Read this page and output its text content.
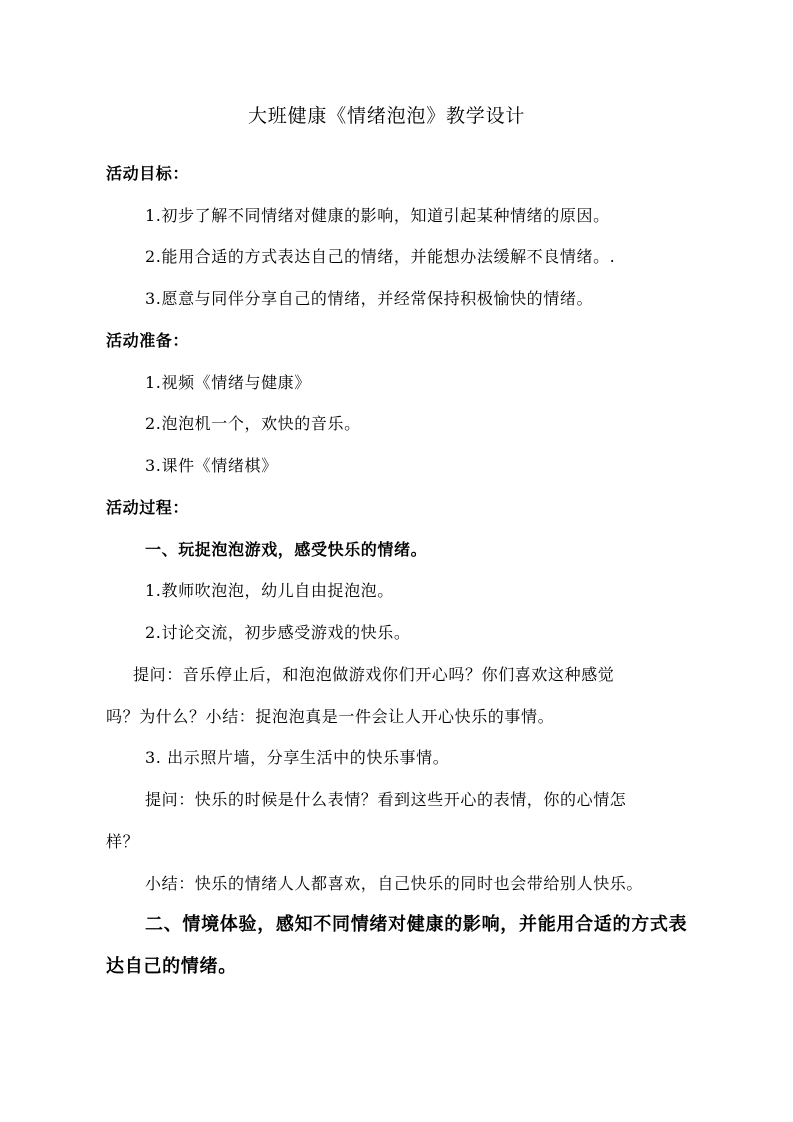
大班健康《情绪泡泡》教学设计
活动目标：
1.初步了解不同情绪对健康的影响，知道引起某种情绪的原因。
2.能用合适的方式表达自己的情绪，并能想办法缓解不良情绪。.
3.愿意与同伴分享自己的情绪，并经常保持积极愉快的情绪。
活动准备：
1.视频《情绪与健康》
2.泡泡机一个，欢快的音乐。
3.课件《情绪棋》
活动过程：
一、玩捉泡泡游戏，感受快乐的情绪。
1.教师吹泡泡，幼儿自由捉泡泡。
2.讨论交流，初步感受游戏的快乐。
提问：音乐停止后，和泡泡做游戏你们开心吗？你们喜欢这种感觉
吗？为什么？小结：捉泡泡真是一件会让人开心快乐的事情。
3. 出示照片墙，分享生活中的快乐事情。
提问：快乐的时候是什么表情？看到这些开心的表情，你的心情怎
样？
小结：快乐的情绪人人都喜欢，自己快乐的同时也会带给别人快乐。
二、情境体验，感知不同情绪对健康的影响，并能用合适的方式表
达自己的情绪。
